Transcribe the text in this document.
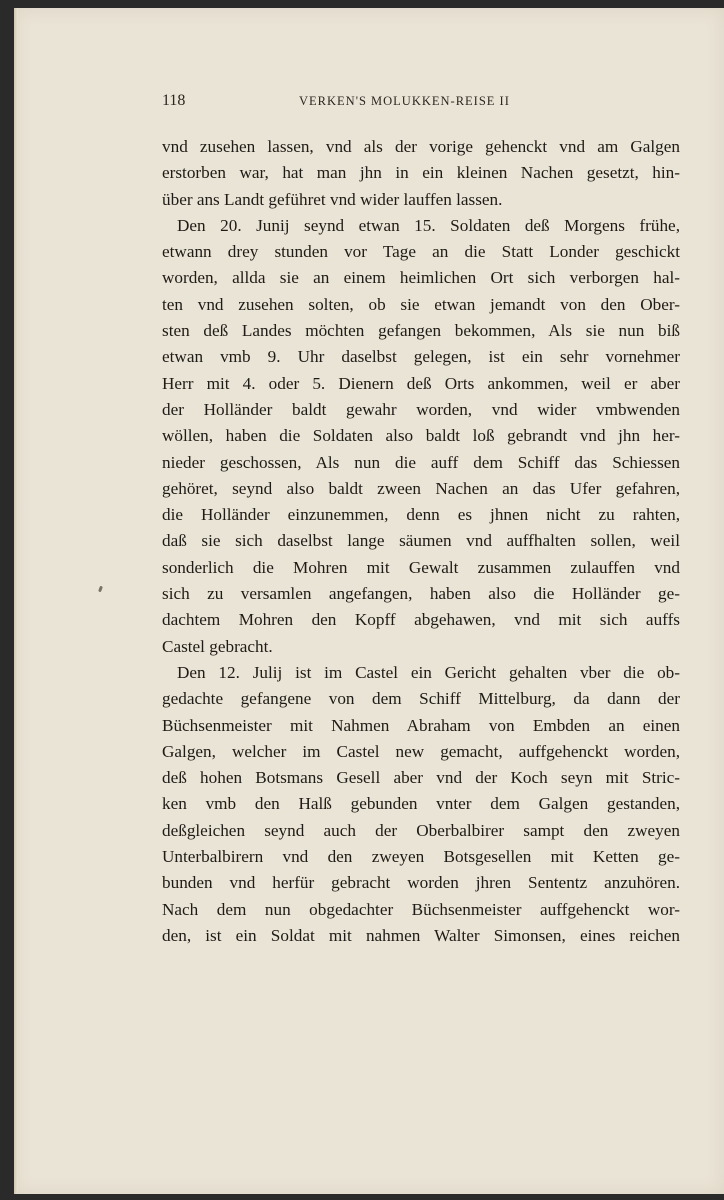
118	VERKEN'S MOLUKKEN-REISE II
vnd zusehen lassen, vnd als der vorige gehenckt vnd am Galgen
erstorben war, hat man jhn in ein kleinen Nachen gesetzt, hin-
über ans Landt geführet vnd wider lauffen lassen.
Den 20. Junij seynd etwan 15. Soldaten deß Morgens frühe,
etwann drey stunden vor Tage an die Statt Londer geschickt
worden, allda sie an einem heimlichen Ort sich verborgen hal-
ten vnd zusehen solten, ob sie etwan jemandt von den Ober-
sten deß Landes möchten gefangen bekommen, Als sie nun biß
etwan vmb 9. Uhr daselbst gelegen, ist ein sehr vornehmer
Herr mit 4. oder 5. Dienern deß Orts ankommen, weil er aber
der Holländer baldt gewahr worden, vnd wider vmbwenden
wöllen, haben die Soldaten also baldt loß gebrandt vnd jhn her-
nieder geschossen, Als nun die auff dem Schiff das Schiessen
gehöret, seynd also baldt zween Nachen an das Ufer gefahren,
die Holländer einzunemmen, denn es jhnen nicht zu rahten,
daß sie sich daselbst lange säumen vnd auffhalten sollen, weil
sonderlich die Mohren mit Gewalt zusammen zulauffen vnd
sich zu versamlen angefangen, haben also die Holländer ge-
dachtem Mohren den Kopff abgehawen, vnd mit sich auffs
Castel gebracht.
Den 12. Julij ist im Castel ein Gericht gehalten vber die ob-
gedachte gefangene von dem Schiff Mittelburg, da dann der
Büchsenmeister mit Nahmen Abraham von Embden an einen
Galgen, welcher im Castel new gemacht, auffgehenckt worden,
deß hohen Botsmans Gesell aber vnd der Koch seyn mit Stric-
ken vmb den Halß gebunden vnter dem Galgen gestanden,
deßgleichen seynd auch der Oberbalbirer sampt den zweyen
Unterbalbirern vnd den zweyen Botsgesellen mit Ketten ge-
bunden vnd herfür gebracht worden jhren Sententz anzuhören.
Nach dem nun obgedachter Büchsenmeister auffgehenckt wor-
den, ist ein Soldat mit nahmen Walter Simonsen, eines reichen
